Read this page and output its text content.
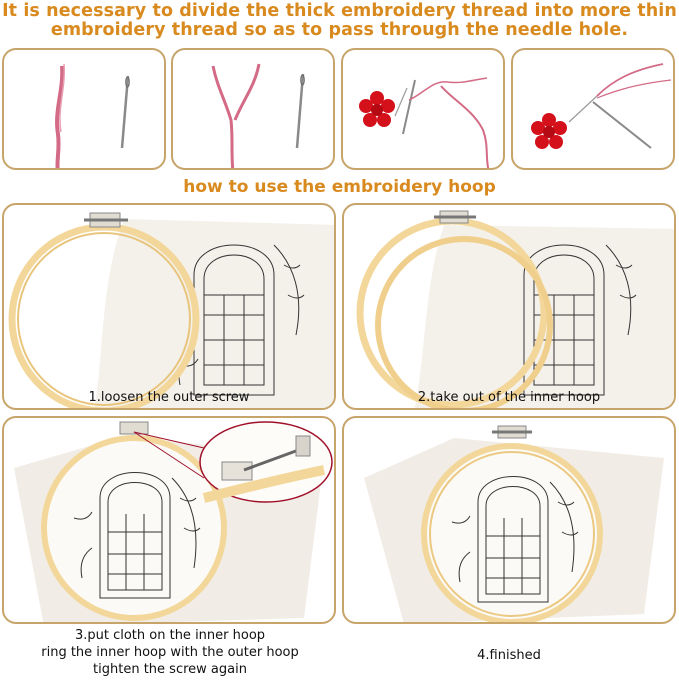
It is necessary to divide the thick embroidery thread into more thin
embroidery thread so as to pass through the needle hole.
how to use the embroidery hoop
1.loosen the outer screw	2.take out of the inner hoop
3.put cloth on the inner hoop
ring the inner hoop with the outer hoop
tighten the screw again
4.finished
